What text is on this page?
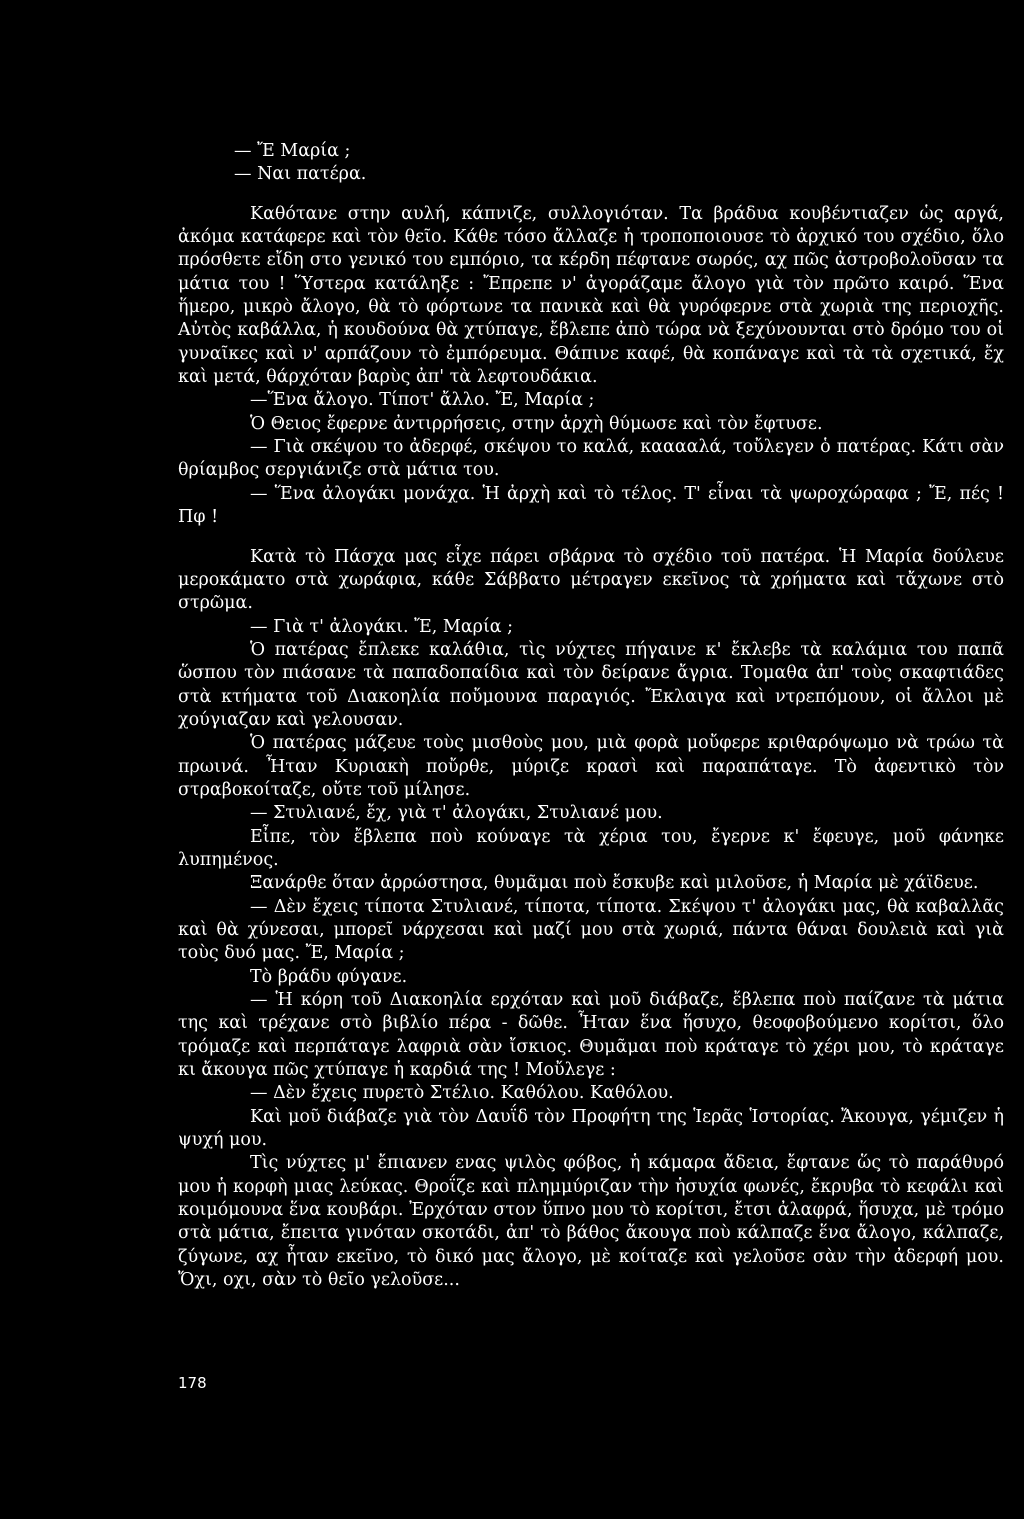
— Ἔ Μαρία ;

— Ναι πατέρα.

Καθότανε στην αυλή, κάπνιζε, συλλογιόταν. Τα βράδυα κουβέντιαζεν ὡς αργά, ἀκόμα κατάφερε καὶ τὸν θεῖο. Κάθε τόσο ἄλλαζε ἡ τροποποιουσε τὸ ἀρχικό του σχέδιο, ὅλο πρόσθετε εἴδη στο γενικό του εμπόριο, τα κέρδη πέφτανε σωρός, αχ πῶς ἀστροβολοῦσαν τα μάτια του ! Ὕστερα κατάληξε : Ἔπρεπε ν' ἀγοράζαμε ἄλογο γιὰ τὸν πρῶτο καιρό. Ἕνα ἥμερο, μικρὸ ἄλογο, θὰ τὸ φόρτωνε τα πανικὰ καὶ θὰ γυρόφερνε στὰ χωριὰ της περιοχῆς. Αὐτὸς καβάλλα, ἡ κουδούνα θὰ χτύπαγε, ἔβλεπε ἀπὸ τώρα νὰ ξεχύνουνται στὸ δρόμο του οἱ γυναῖκες καὶ ν' αρπάζουν τὸ ἐμπόρευμα. Θάπινε καφέ, θὰ κοπάναγε καὶ τὰ τὰ σχετικά, ἔχ καὶ μετά, θάρχόταν βαρὺς ἀπ' τὰ λεφτουδάκια.

—Ἕνα ἄλογο. Τίποτ' ἄλλο. Ἔ, Μαρία ;

Ὁ Θειος ἔφερνε ἀντιρρήσεις, στην ἀρχὴ θύμωσε καὶ τὸν ἔφτυσε.

— Γιὰ σκέψου το ἀδερφέ, σκέψου το καλά, κααααλά, τοὔλεγεν ὁ πατέρας. Κάτι σὰν θρίαμβος σεργιάνιζε στὰ μάτια του.

— Ἕνα ἀλογάκι μονάχα. Ἡ ἀρχὴ καὶ τὸ τέλος. Τ' εἶναι τὰ ψωροχώραφα ; Ἔ, πές ! Πφ !

Κατὰ τὸ Πάσχα μας εἶχε πάρει σβάρνα τὸ σχέδιο τοῦ πατέρα. Ἡ Μαρία δούλευε μεροκάματο στὰ χωράφια, κάθε Σάββατο μέτραγεν εκεῖνος τὰ χρήματα καὶ τἄχωνε στὸ στρῶμα.

— Γιὰ τ' ἀλογάκι. Ἔ, Μαρία ;

Ὁ πατέρας ἔπλεκε καλάθια, τὶς νύχτες πήγαινε κ' ἔκλεβε τὰ καλάμια του παπᾶ ὥσπου τὸν πιάσανε τὰ παπαδοπαίδια καὶ τὸν δείρανε ἄγρια. Τομαθα ἀπ' τοὺς σκαφτιάδες στὰ κτήματα τοῦ Διακοηλία ποὔμουνα παραγιός. Ἔκλαιγα καὶ ντρεπόμουν, οἱ ἄλλοι μὲ χούγιαζαν καὶ γελουσαν.

Ὁ πατέρας μάζευε τοὺς μισθοὺς μου, μιὰ φορὰ μοὔφερε κριθαρόψωμο νὰ τρώω τὰ πρωινά. Ἦταν Κυριακὴ ποὔρθε, μύριζε κρασὶ καὶ παραπάταγε. Τὸ ἀφεντικὸ τὸν στραβοκοίταζε, οὔτε τοῦ μίλησε.

— Στυλιανέ, ἔχ, γιὰ τ' ἀλογάκι, Στυλιανέ μου.

Εἶπε, τὸν ἔβλεπα ποὺ κούναγε τὰ χέρια του, ἔγερνε κ' ἔφευγε, μοῦ φάνηκε λυπημένος.

Ξανάρθε ὅταν ἀρρώστησα, θυμᾶμαι ποὺ ἔσκυβε καὶ μιλοῦσε, ἡ Μαρία μὲ χάϊδευε.

— Δὲν ἔχεις τίποτα Στυλιανέ, τίποτα, τίποτα. Σκέψου τ' ἀλογάκι μας, θὰ καβαλλᾶς καὶ θὰ χύνεσαι, μπορεῖ νάρχεσαι καὶ μαζί μου στὰ χωριά, πάντα θάναι δουλειὰ καὶ γιὰ τοὺς δυό μας. Ἔ, Μαρία ;

Τὸ βράδυ φύγανε.

— Ἡ κόρη τοῦ Διακοηλία ερχόταν καὶ μοῦ διάβαζε, ἔβλεπα ποὺ παίζανε τὰ μάτια της καὶ τρέχανε στὸ βιβλίο πέρα - δῶθε. Ἦταν ἕνα ἥσυχο, θεοφοβούμενο κορίτσι, ὅλο τρόμαζε καὶ περπάταγε λαφριὰ σὰν ἴσκιος. Θυμᾶμαι ποὺ κράταγε τὸ χέρι μου, τὸ κράταγε κι ἄκουγα πῶς χτύπαγε ἡ καρδιά της ! Μοὔλεγε :

— Δὲν ἔχεις πυρετὸ Στέλιο. Καθόλου. Καθόλου.

Καὶ μοῦ διάβαζε γιὰ τὸν Δαυΐδ τὸν Προφήτη της Ἱερᾶς Ἱστορίας. Ἄκουγα, γέμιζεν ἡ ψυχή μου.

Τὶς νύχτες μ' ἔπιανεν ενας ψιλὸς φόβος, ἡ κάμαρα ἄδεια, ἔφτανε ὥς τὸ παράθυρό μου ἡ κορφὴ μιας λεύκας. Θροΐζε καὶ πλημμύριζαν τὴν ἡσυχία φωνές, ἔκρυβα τὸ κεφάλι καὶ κοιμόμουνα ἕνα κουβάρι. Ἐρχόταν στον ὕπνο μου τὸ κορίτσι, ἔτσι ἀλαφρά, ἥσυχα, μὲ τρόμο στὰ μάτια, ἔπειτα γινόταν σκοτάδι, ἀπ' τὸ βάθος ἄκουγα ποὺ κάλπαζε ἕνα ἄλογο, κάλπαζε, ζύγωνε, αχ ἦταν εκεῖνο, τὸ δικό μας ἄλογο, μὲ κοίταζε καὶ γελοῦσε σὰν τὴν ἀδερφή μου. Ὄχι, οχι, σὰν τὸ θεῖο γελοῦσε...

178
